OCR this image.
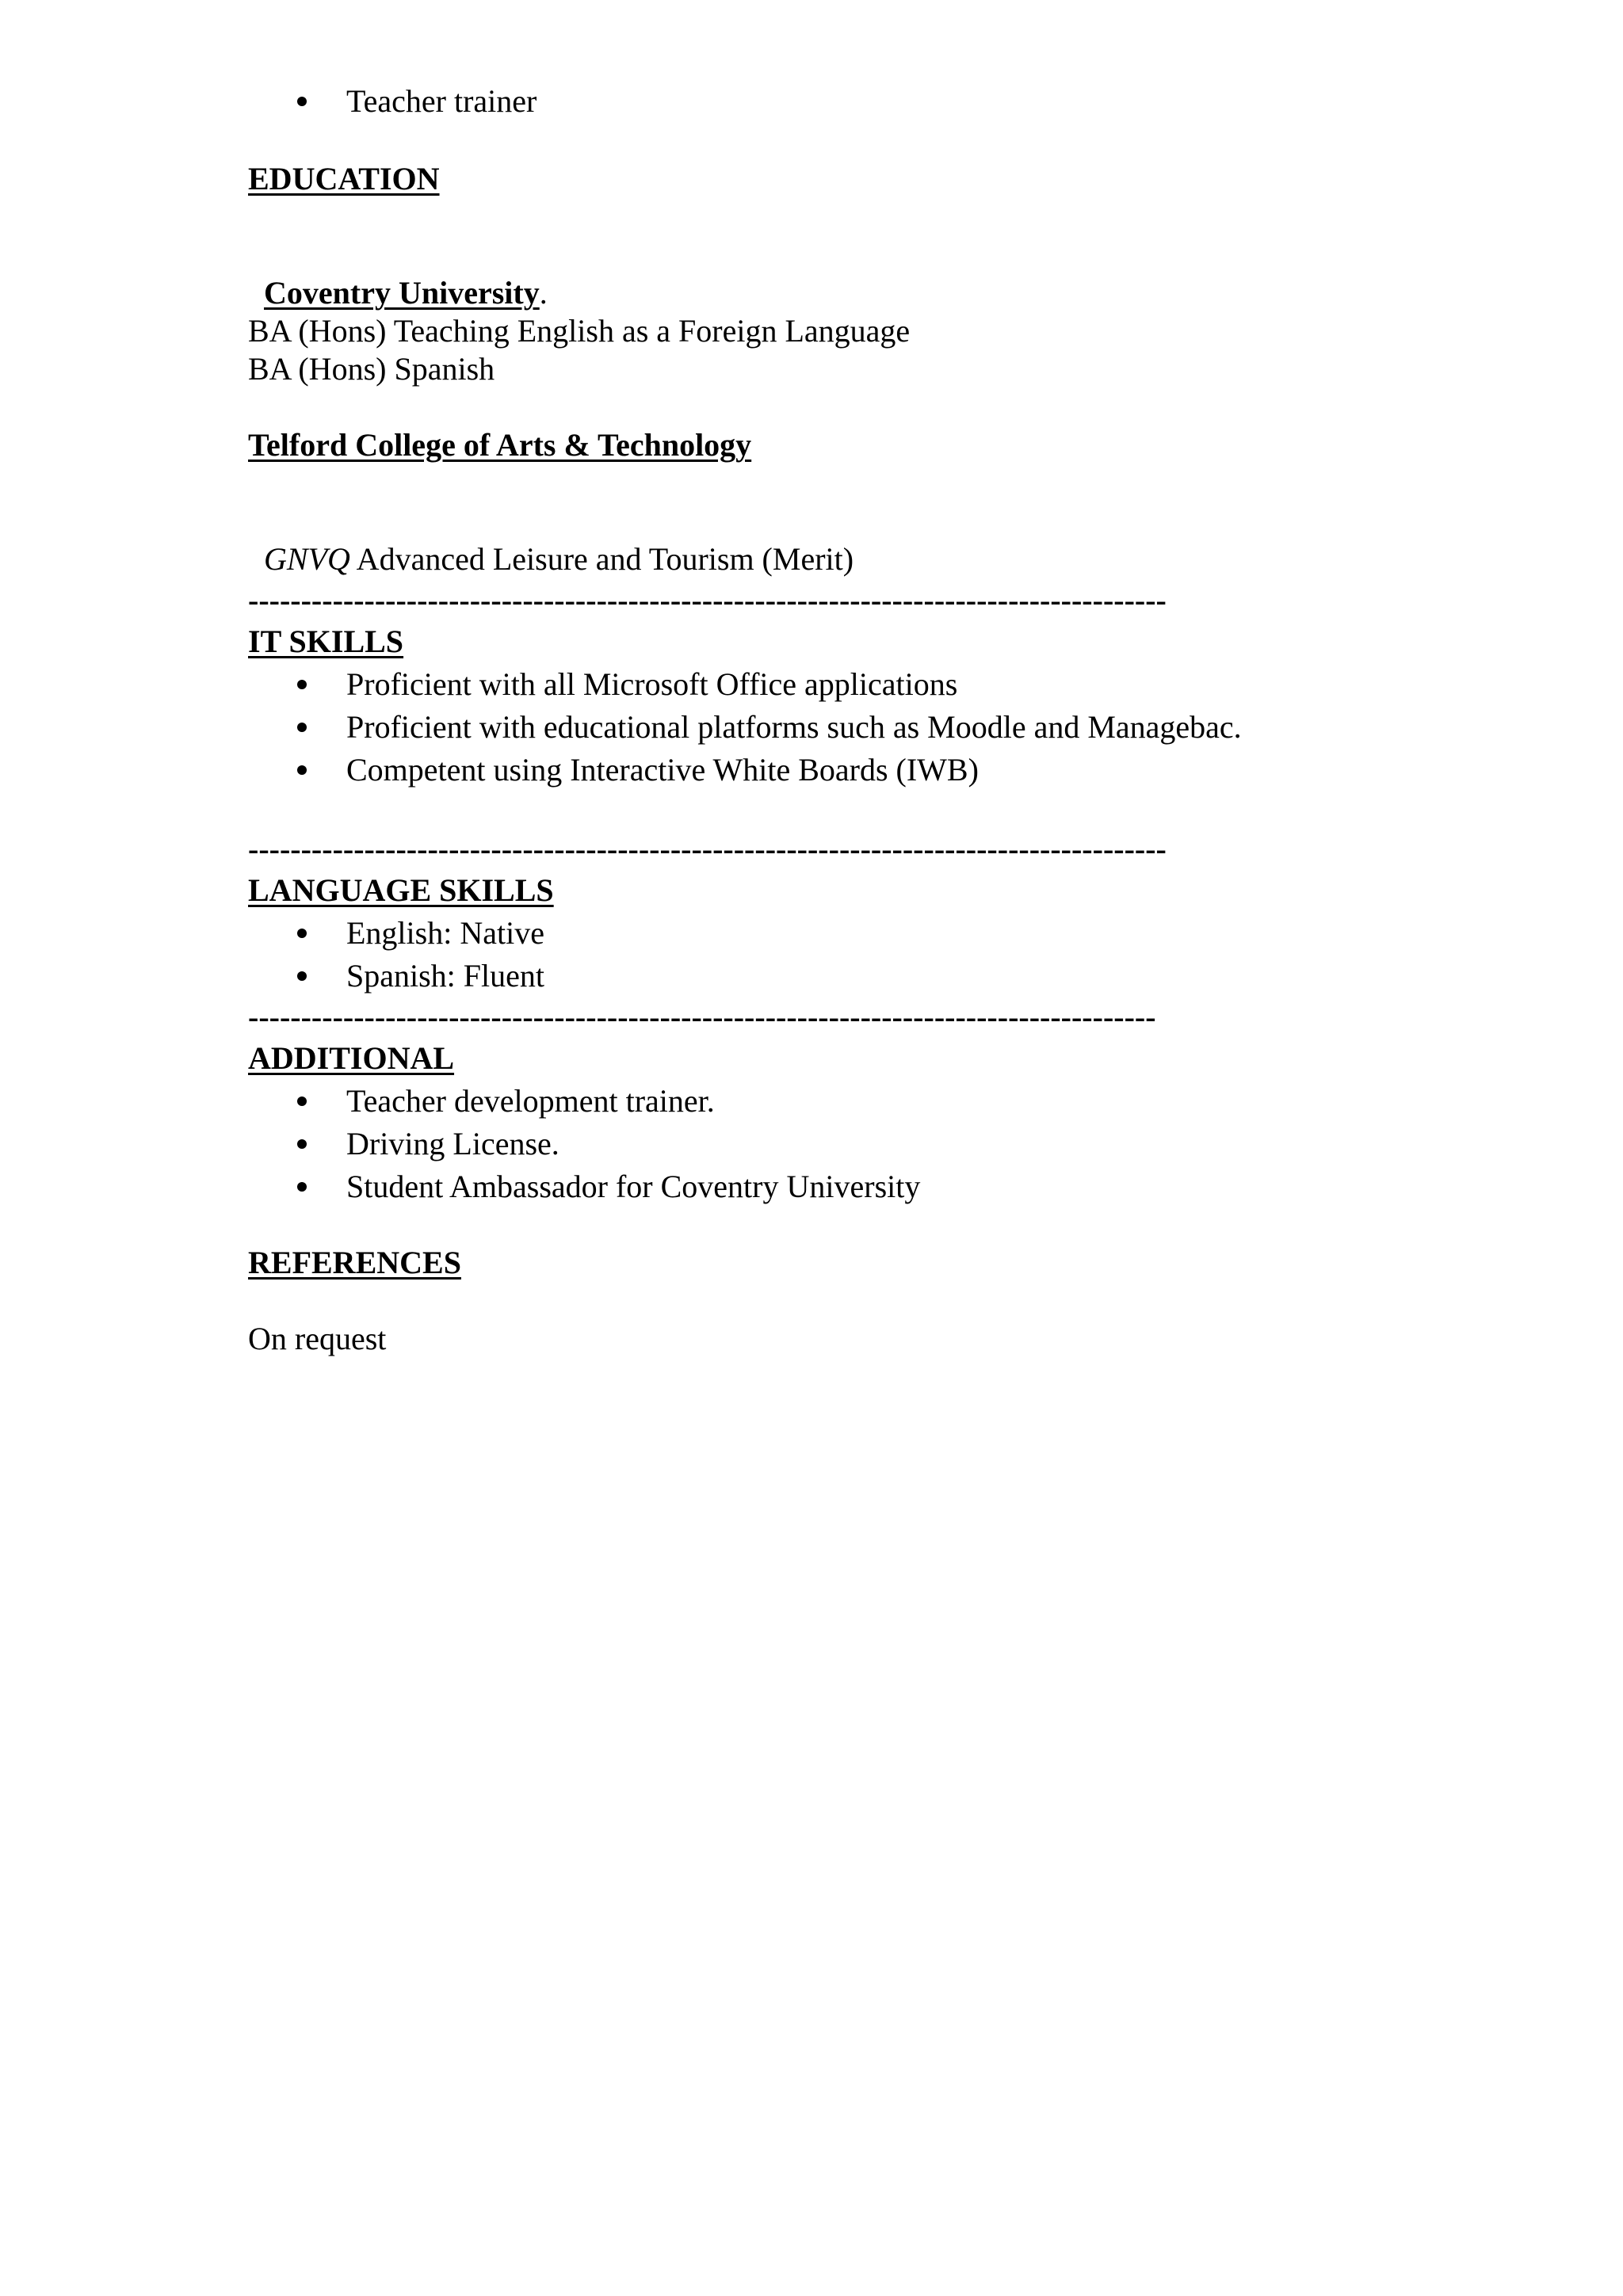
Teacher trainer
EDUCATION

Coventry University.

BA (Hons) Teaching English as a Foreign Language
BA (Hons) Spanish
Telford College of Arts & Technology

GNVQ Advanced Leisure and Tourism (Merit)

---------------------------------------------------------------------------------------
IT SKILLS
Proficient with all Microsoft Office applications
Proficient with educational platforms such as Moodle and Managebac.
Competent using Interactive White Boards (IWB)
---------------------------------------------------------------------------------------
LANGUAGE SKILLS
English: Native
Spanish: Fluent
--------------------------------------------------------------------------------------
ADDITIONAL
Teacher development trainer.
Driving License.
Student Ambassador for Coventry University
REFERENCES
On request
